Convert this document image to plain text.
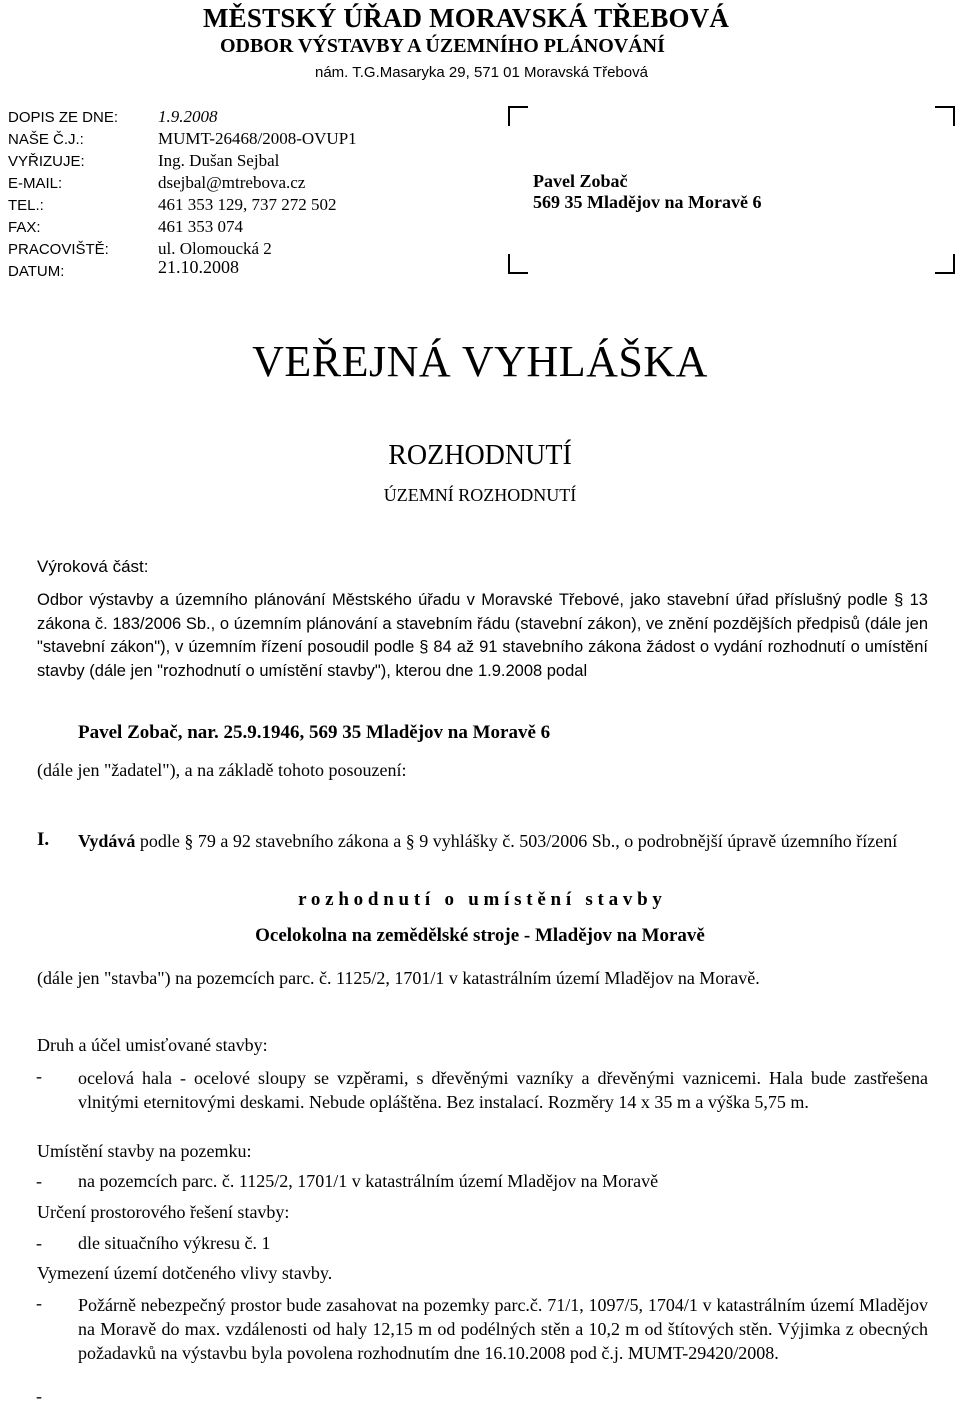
MĚSTSKÝ ÚŘAD MORAVSKÁ TŘEBOVÁ
ODBOR VÝSTAVBY A ÚZEMNÍHO PLÁNOVÁNÍ
nám. T.G.Masaryka 29, 571 01 Moravská Třebová
DOPIS ZE DNE: 1.9.2008
NAŠE Č.J.:	MUMT-26468/2008-OVUP1
VYŘIZUJE:	Ing. Dušan Sejbal
E-MAIL:	dsejbal@mtrebova.cz
TEL.:	461 353 129, 737 272 502
FAX:	461 353 074
PRACOVIŠTĚ:	ul. Olomoucká 2
DATUM:	21.10.2008
Pavel Zobač
569 35 Mladějov na Moravě 6
VEŘEJNÁ VYHLÁŠKA
ROZHODNUTÍ
ÚZEMNÍ ROZHODNUTÍ
Výroková část:
Odbor výstavby a územního plánování Městského úřadu v Moravské Třebové, jako stavební úřad příslušný podle § 13 zákona č. 183/2006 Sb., o územním plánování a stavebním řádu (stavební zákon), ve znění pozdějších předpisů (dále jen "stavební zákon"), v územním řízení posoudil podle § 84 až 91 stavebního zákona žádost o vydání rozhodnutí o umístění stavby (dále jen "rozhodnutí o umístění stavby"), kterou dne 1.9.2008 podal
Pavel Zobač, nar. 25.9.1946, 569 35 Mladějov na Moravě 6
(dále jen "žadatel"), a na základě tohoto posouzení:
I. Vydává podle § 79 a 92 stavebního zákona a § 9 vyhlášky č. 503/2006 Sb., o podrobnější úpravě územního řízení
r o z h o d n u t í   o   u m í s t ě n í   s t a v b y
Ocelokolna na zemědělské stroje - Mladějov na Moravě
(dále jen "stavba") na pozemcích parc. č. 1125/2, 1701/1 v katastrálním území Mladějov na Moravě.
Druh a účel umisťované stavby:
- ocelová hala - ocelové sloupy se vzpěrami, s dřevěnými vazníky a dřevěnými vaznicemi. Hala bude zastřešena vlnitými eternitovými deskami. Nebude opláštěna. Bez instalací. Rozměry 14 x 35 m a výška 5,75 m.
Umístění stavby na pozemku:
- na pozemcích parc. č. 1125/2, 1701/1 v katastrálním území Mladějov na Moravě
Určení prostorového řešení stavby:
- dle situačního výkresu č. 1
Vymezení území dotčeného vlivy stavby.
- Požárně nebezpečný prostor bude zasahovat na pozemky parc.č. 71/1, 1097/5, 1704/1 v katastrálním území Mladějov na Moravě do max. vzdálenosti od haly 12,15 m od podélných stěn a 10,2 m od štítových stěn. Výjimka z obecných požadavků na výstavbu byla povolena rozhodnutím dne 16.10.2008 pod č.j. MUMT-29420/2008.
-
